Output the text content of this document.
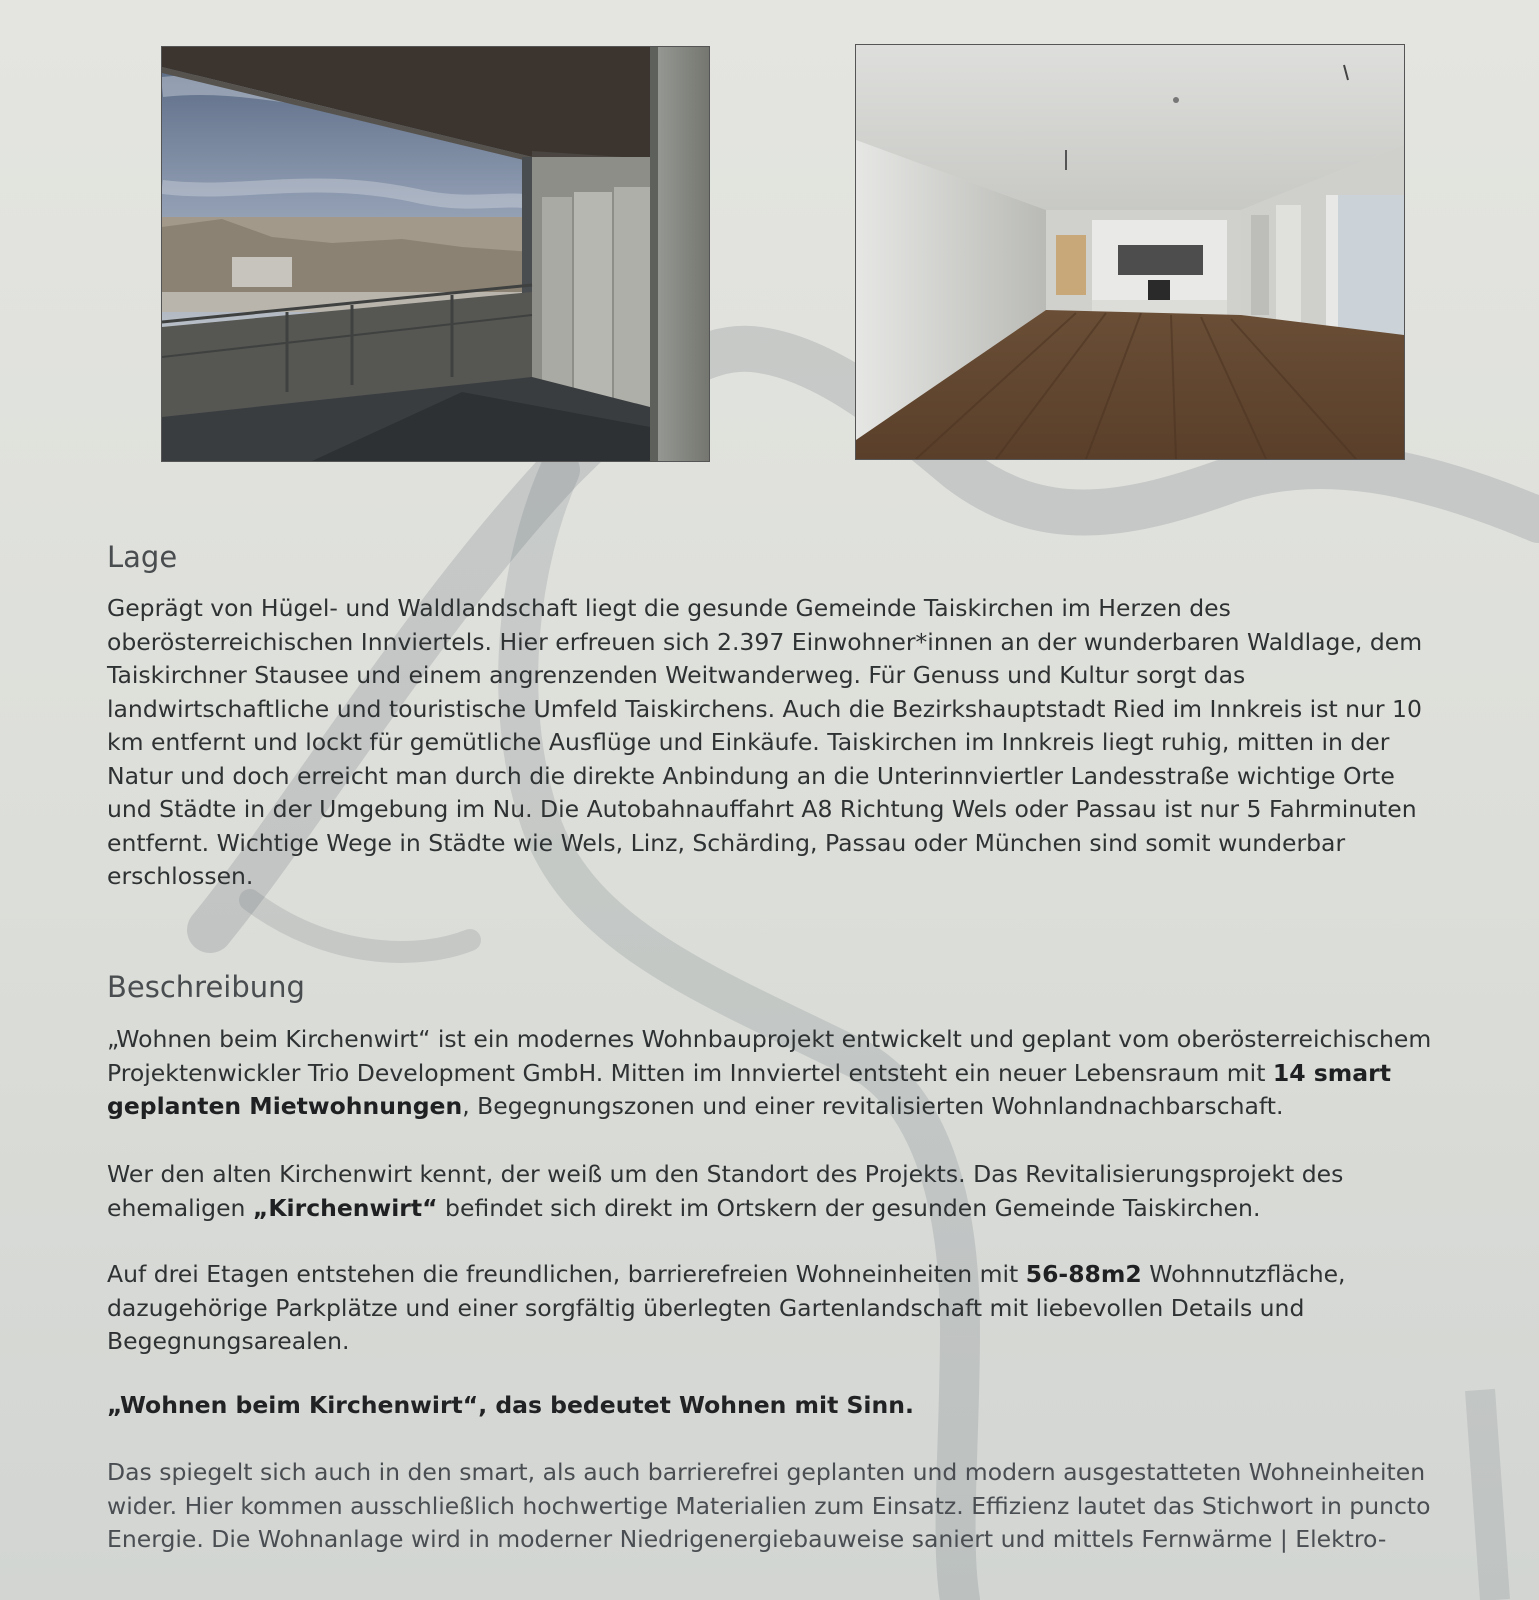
Lage

Geprägt von Hügel- und Waldlandschaft liegt die gesunde Gemeinde Taiskirchen im Herzen des oberösterreichischen Innviertels. Hier erfreuen sich 2.397 Einwohner*innen an der wunderbaren Waldlage, dem Taiskirchner Stausee und einem angrenzenden Weitwanderweg. Für Genuss und Kultur sorgt das landwirtschaftliche und touristische Umfeld Taiskirchens. Auch die Bezirkshauptstadt Ried im Innkreis ist nur 10 km entfernt und lockt für gemütliche Ausflüge und Einkäufe. Taiskirchen im Innkreis liegt ruhig, mitten in der Natur und doch erreicht man durch die direkte Anbindung an die Unterinnviertler Landesstraße wichtige Orte und Städte in der Umgebung im Nu. Die Autobahnauffahrt A8 Richtung Wels oder Passau ist nur 5 Fahrminuten entfernt. Wichtige Wege in Städte wie Wels, Linz, Schärding, Passau oder München sind somit wunderbar erschlossen.

Beschreibung

„Wohnen beim Kirchenwirt“ ist ein modernes Wohnbauprojekt entwickelt und geplant vom oberösterreichischem Projektenwickler Trio Development GmbH. Mitten im Innviertel entsteht ein neuer Lebensraum mit 14 smart geplanten Mietwohnungen, Begegnungszonen und einer revitalisierten Wohnlandnachbarschaft.

Wer den alten Kirchenwirt kennt, der weiß um den Standort des Projekts. Das Revitalisierungsprojekt des ehemaligen „Kirchenwirt“ befindet sich direkt im Ortskern der gesunden Gemeinde Taiskirchen.

Auf drei Etagen entstehen die freundlichen, barrierefreien Wohneinheiten mit 56-88m2 Wohnnutzfläche, dazugehörige Parkplätze und einer sorgfältig überlegten Gartenlandschaft mit liebevollen Details und Begegnungsarealen.

„Wohnen beim Kirchenwirt“, das bedeutet Wohnen mit Sinn.

Das spiegelt sich auch in den smart, als auch barrierefrei geplanten und modern ausgestatteten Wohneinheiten wider. Hier kommen ausschließlich hochwertige Materialien zum Einsatz. Effizienz lautet das Stichwort in puncto Energie. Die Wohnanlage wird in moderner Niedrigenergiebauweise saniert und mittels Fernwärme | Elektro-
